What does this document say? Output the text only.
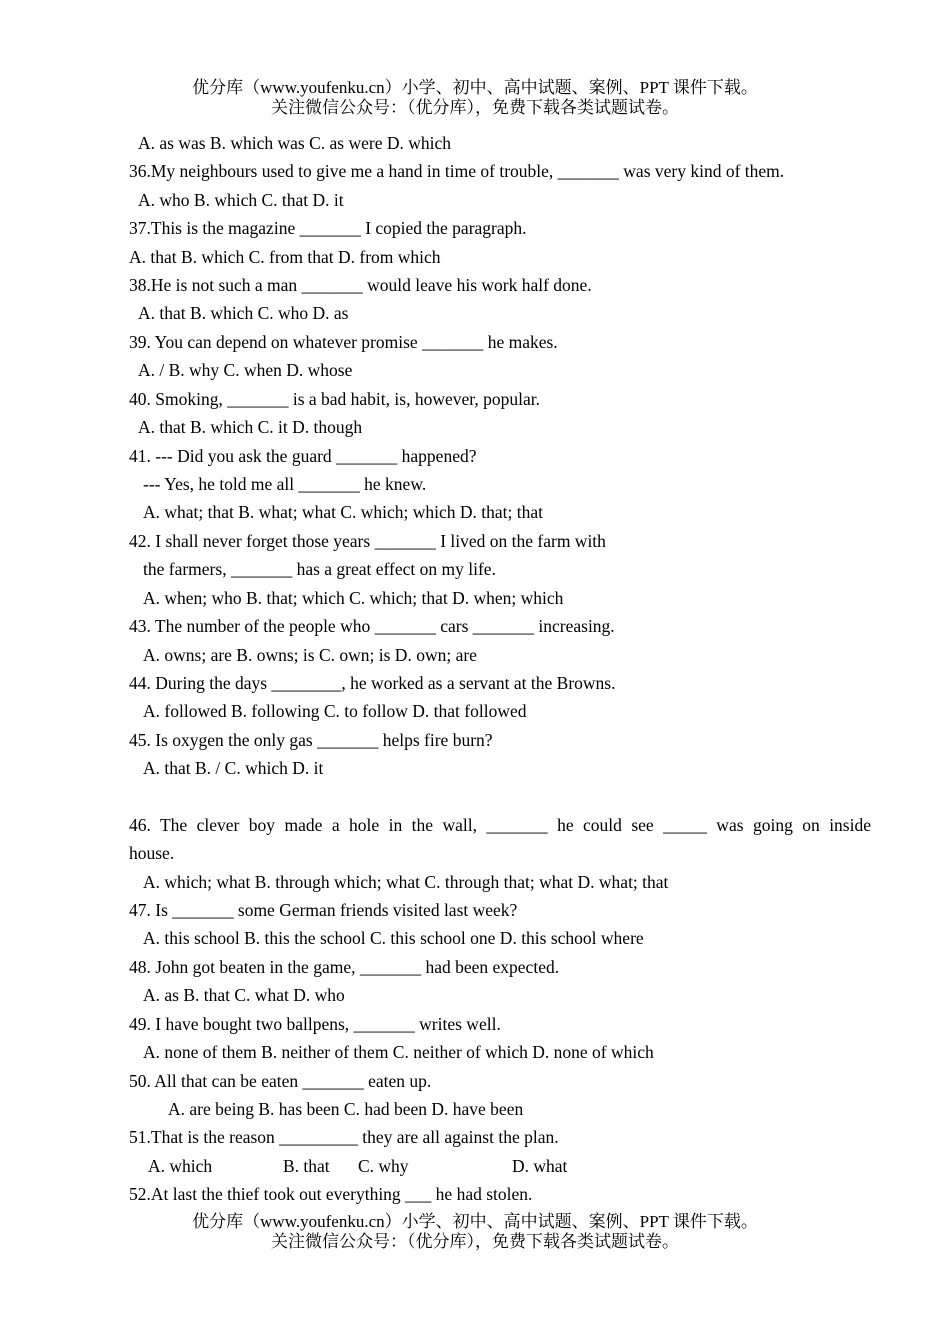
优分库（www.youfenku.cn）小学、初中、高中试题、案例、PPT 课件下载。
关注微信公众号：（优分库），免费下载各类试题试卷。
A. as was B. which was C. as were D. which
36.My neighbours used to give me a hand in time of trouble, _______ was very kind of them.
A. who B. which C. that D. it
37.This is the magazine _______ I copied the paragraph.
A. that B. which C. from that D. from which
38.He is not such a man _______ would leave his work half done.
A. that B. which C. who D. as
39. You can depend on whatever promise _______ he makes.
A. / B. why C. when D. whose
40. Smoking, _______ is a bad habit, is, however, popular.
A. that B. which C. it D. though
41. --- Did you ask the guard _______ happened?
--- Yes, he told me all _______ he knew.
A. what; that B. what; what C. which; which D. that; that
42. I shall never forget those years _______ I lived on the farm with
the farmers, _______ has a great effect on my life.
A. when; who B. that; which C. which; that D. when; which
43. The number of the people who _______ cars _______ increasing.
A. owns; are B. owns; is C. own; is D. own; are
44. During the days ________, he worked as a servant at the Browns.
A. followed B. following C. to follow D. that followed
45. Is oxygen the only gas _______ helps fire burn?
A. that B. / C. which D. it
46. The clever boy made a hole in the wall, _______ he could see _____ was going on inside
house.
A. which; what B. through which; what C. through that; what D. what; that
47. Is _______ some German friends visited last week?
A. this school B. this the school C. this school one D. this school where
48. John got beaten in the game, _______ had been expected.
A. as B. that C. what D. who
49. I have bought two ballpens, _______ writes well.
A. none of them B. neither of them C. neither of which D. none of which
50. All that can be eaten _______ eaten up.
A. are being B. has been C. had been D. have been
51.That is the reason _________ they are all against the plan.
A. which	B. that C. why	D. what
52.At last the thief took out everything ___ he had stolen.
优分库（www.youfenku.cn）小学、初中、高中试题、案例、PPT 课件下载。
关注微信公众号：（优分库），免费下载各类试题试卷。
